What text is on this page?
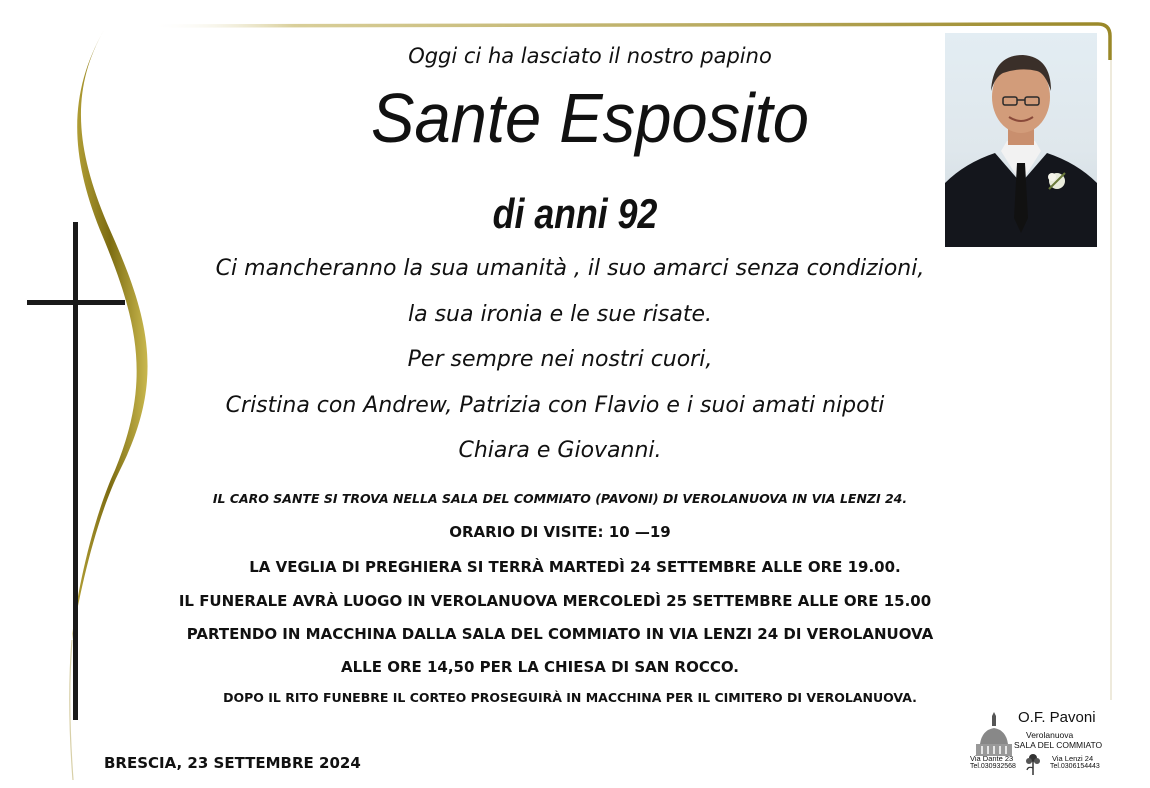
Oggi ci ha lasciato il nostro papino
Sante Esposito
di anni 92
Ci mancheranno la sua umanità , il suo amarci senza condizioni,
la sua ironia e le sue risate.
Per sempre nei nostri cuori,
Cristina con Andrew, Patrizia con Flavio e i suoi amati nipoti
Chiara e Giovanni.
IL CARO SANTE SI TROVA NELLA SALA DEL COMMIATO (PAVONI) DI VEROLANUOVA IN VIA LENZI 24.
ORARIO DI VISITE: 10 —19
LA VEGLIA DI PREGHIERA SI TERRÀ MARTEDÌ 24 SETTEMBRE ALLE ORE 19.00.
IL FUNERALE AVRÀ LUOGO IN VEROLANUOVA MERCOLEDÌ 25 SETTEMBRE ALLE ORE 15.00
PARTENDO IN MACCHINA DALLA SALA DEL COMMIATO IN VIA LENZI 24 DI VEROLANUOVA
ALLE ORE 14,50 PER LA CHIESA DI SAN ROCCO.
DOPO IL RITO FUNEBRE IL CORTEO PROSEGUIRÀ IN MACCHINA PER IL CIMITERO DI VEROLANUOVA.
BRESCIA, 23 SETTEMBRE 2024
O.F. Pavoni
Verolanuova
SALA DEL COMMIATO
Via Dante 23
Tel.030932568
Via Lenzi 24
Tel.0306154443
